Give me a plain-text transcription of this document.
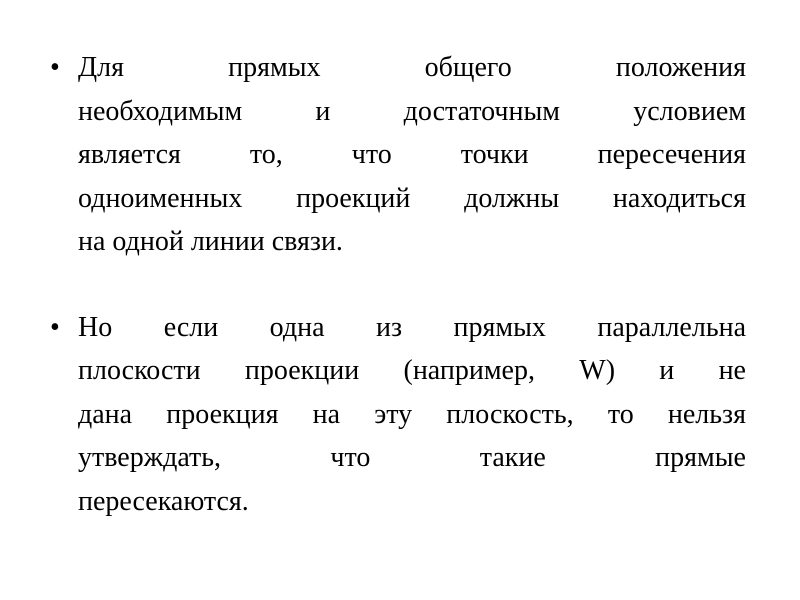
• Для прямых общего положения
необходимым и достаточным условием
является то, что точки пересечения
одноименных проекций должны находиться
на одной линии связи.
• Но если одна из прямых параллельна
плоскости проекции (например, W) и не
дана проекция на эту плоскость, то нельзя
утверждать, что такие прямые
пересекаются.
